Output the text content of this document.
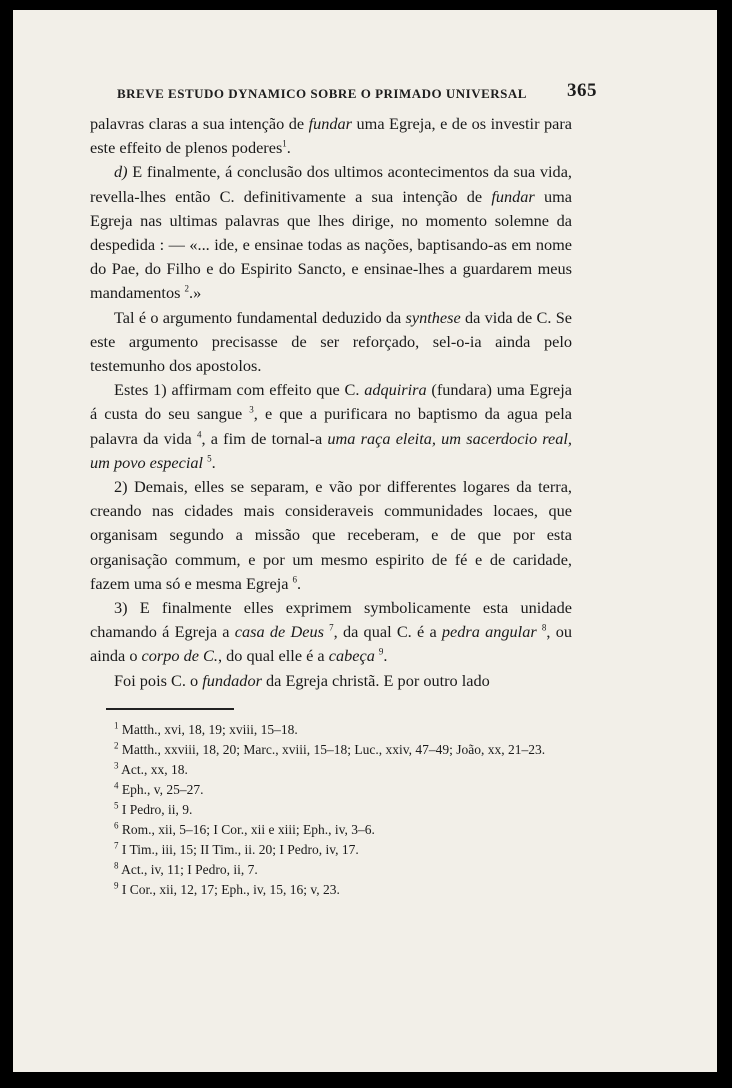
BREVE ESTUDO DYNAMICO SOBRE O PRIMADO UNIVERSAL 365

palavras claras a sua intenção de fundar uma Egreja, e de os investir para este effeito de plenos poderes$^1$.

d) E finalmente, á conclusão dos ultimos acontecimentos da sua vida, revella-lhes então C. definitivamente a sua intenção de fundar uma Egreja nas ultimas palavras que lhes dirige, no momento solemne da despedida : — «... ide, e ensinae todas as nações, baptisando-as em nome do Pae, do Filho e do Espirito Sancto, e ensinae-lhes a guardarem meus mandamentos $^2$.»

Tal é o argumento fundamental deduzido da synthese da vida de C. Se este argumento precisasse de ser reforçado, sel-o-ia ainda pelo testemunho dos apostolos.

Estes 1) affirmam com effeito que C. adquirira (fundara) uma Egreja á custa do seu sangue $^3$, e que a purificara no baptismo da agua pela palavra da vida $^4$, a fim de tornal-a uma raça eleita, um sacerdocio real, um povo especial $^5$.

2) Demais, elles se separam, e vão por differentes logares da terra, creando nas cidades mais consideraveis communidades locaes, que organisam segundo a missão que receberam, e de que por esta organisação commum, e por um mesmo espirito de fé e de caridade, fazem uma só e mesma Egreja $^6$.

3) E finalmente elles exprimem symbolicamente esta unidade chamando á Egreja a casa de Deus $^7$, da qual C. é a pedra angular $^8$, ou ainda o corpo de C., do qual elle é a cabeça $^9$.

Foi pois C. o fundador da Egreja christã. E por outro lado

$^1$ Matth., xvi, 18, 19; xviii, 15–18.

$^2$ Matth., xxviii, 18, 20; Marc., xviii, 15–18; Luc., xxiv, 47–49; João, xx, 21–23.

$^3$ Act., xx, 18.

$^4$ Eph., v, 25–27.

$^5$ I Pedro, ii, 9.

$^6$ Rom., xii, 5–16; I Cor., xii e xiii; Eph., iv, 3–6.

$^7$ I Tim., iii, 15; II Tim., ii. 20; I Pedro, iv, 17.

$^8$ Act., iv, 11; I Pedro, ii, 7.

$^9$ I Cor., xii, 12, 17; Eph., iv, 15, 16; v, 23.
